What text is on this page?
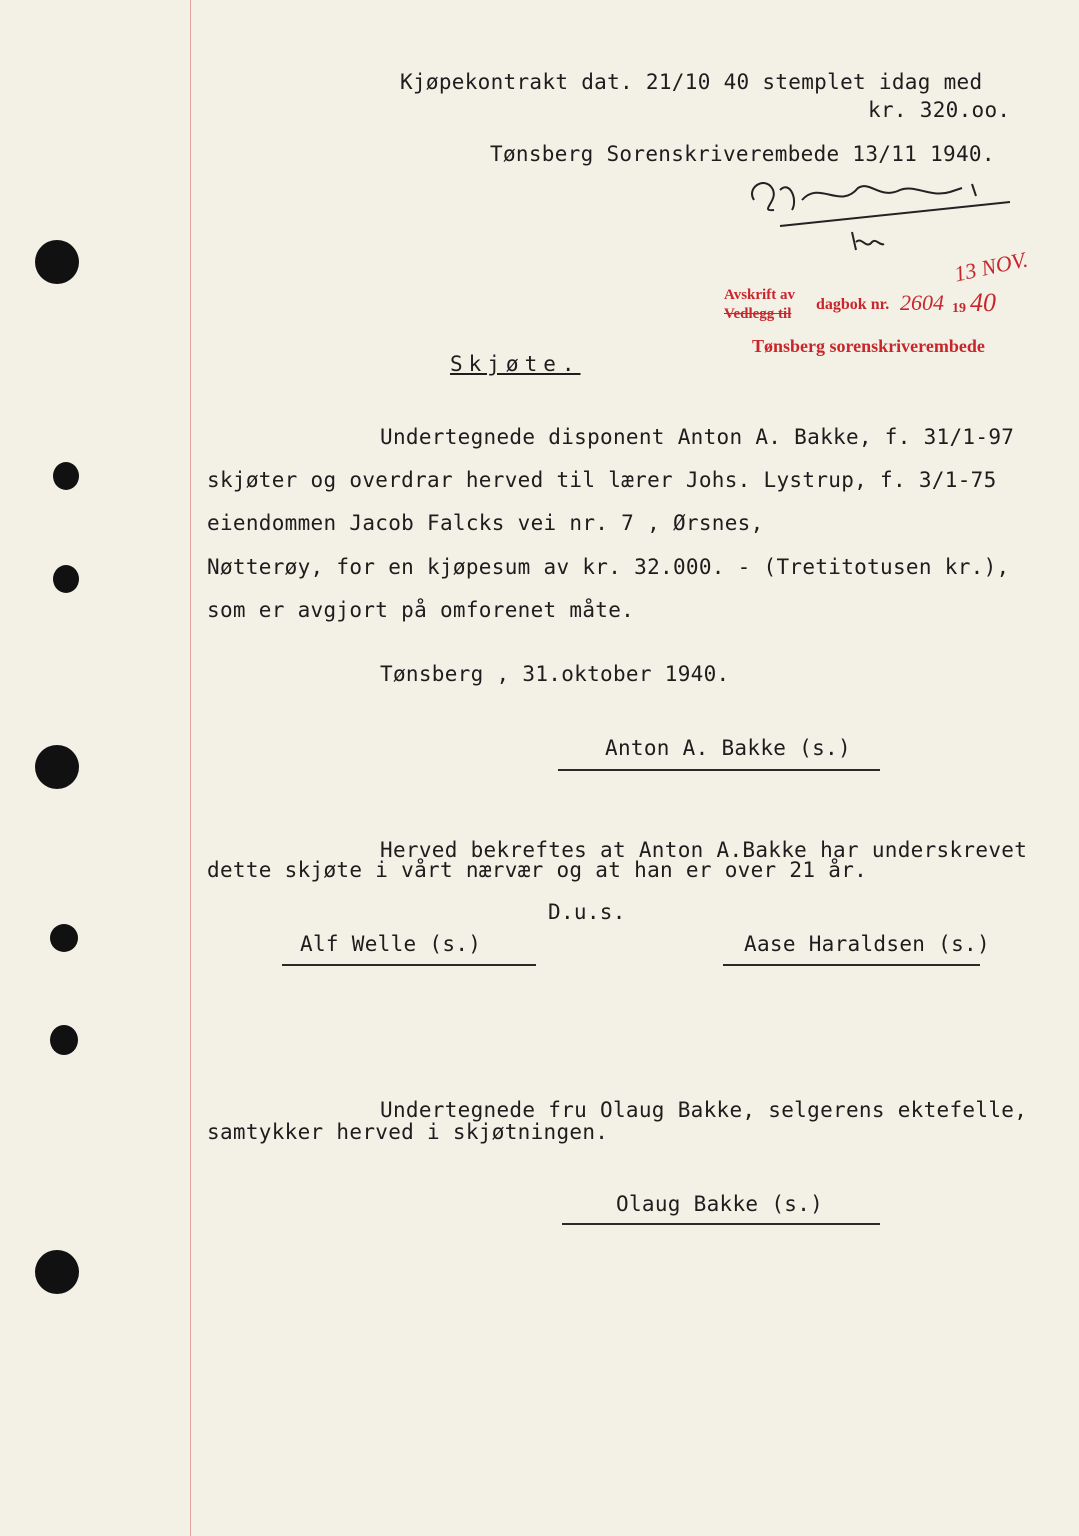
Kjøpekontrakt dat. 21/10 40 stemplet idag med
kr. 320.oo.
Tønsberg Sorenskriverembede 13/11 1940.
Avskrift av
Vedlegg til
dagbok nr. 2604 19 40
13 NOV.
Tønsberg sorenskriverembede
Skjøte.
Undertegnede disponent Anton A. Bakke, f. 31/1-97
skjøter og overdrar herved til lærer Johs. Lystrup, f. 3/1-75
eiendommen Jacob Falcks vei nr. 7 , Ørsnes,
Nøtterøy, for en kjøpesum av kr. 32.000. - (Tretitotusen kr.),
som er avgjort på omforenet måte.
Tønsberg , 31.oktober 1940.
Anton A. Bakke (s.)
Herved bekreftes at Anton A.Bakke har underskrevet
dette skjøte i vårt nærvær og at han er over 21 år.
D.u.s.
Alf Welle (s.)	Aase Haraldsen (s.)
Undertegnede fru Olaug Bakke, selgerens ektefelle,
samtykker herved i skjøtningen.
Olaug Bakke (s.)
